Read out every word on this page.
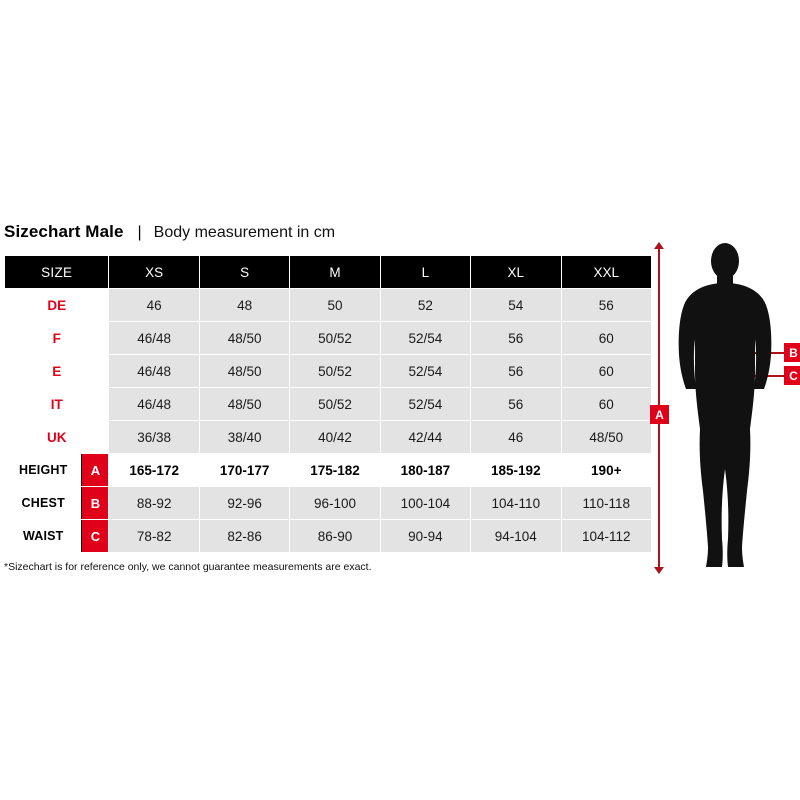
Sizechart Male | Body measurement in cm
SIZE	XS	S	M	L	XL	XXL
DE	46	48	50	52	54	56
F	46/48	48/50	50/52	52/54	56	60
E	46/48	48/50	50/52	52/54	56	60
IT	46/48	48/50	50/52	52/54	56	60
UK	36/38	38/40	40/42	42/44	46	48/50

HEIGHT A	165-172	170-177	175-182	180-187	185-192	190+

CHEST B	88-92	92-96	96-100	100-104	104-110	110-118

WAIST C	78-82	82-86	86-90	90-94	94-104	104-112
*Sizechart is for reference only, we cannot guarantee measurements are exact.
A
B
C
